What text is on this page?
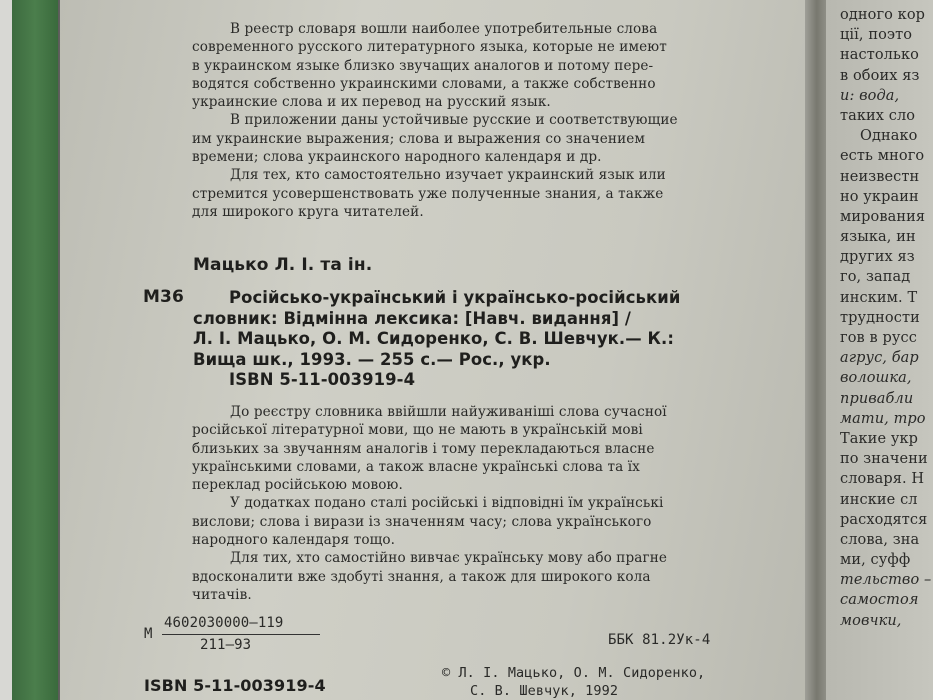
В реестр словаря вошли наиболее употребительные слова
современного русского литературного языка, которые не имеют
в украинском языке близко звучащих аналогов и потому пере-
водятся собственно украинскими словами, а также собственно
украинские слова и их перевод на русский язык.
В приложении даны устойчивые русские и соответствующие
им украинские выражения; слова и выражения со значением
времени; слова украинского народного календаря и др.
Для тех, кто самостоятельно изучает украинский язык или
стремится усовершенствовать уже полученные знания, а также
для широкого круга читателей.
Мацько Л. І. та ін.
М36	Російсько-український і українсько-російський
словник: Відмінна лексика: [Навч. видання] /
Л. І. Мацько, О. М. Сидоренко, С. В. Шевчук.— К.:
Вища шк., 1993. — 255 с.— Рос., укр.
ISBN 5-11-003919-4
До реєстру словника ввійшли найуживаніші слова сучасної
російської літературної мови, що не мають в українській мові
близьких за звучанням аналогів і тому перекладаються власне
українськими словами, а також власне українські слова та їх
переклад російською мовою.
У додатках подано сталі російські і відповідні їм українські
вислови; слова і вирази із значенням часу; слова українського
народного календаря тощо.
Для тих, хто самостійно вивчає українську мову або прагне
вдосконалити вже здобуті знання, а також для широкого кола
читачів.
М
4602030000—119
211—93	ББК 81.2Ук-4
ISBN 5-11-003919-4
© Л. І. Мацько, О. М. Сидоренко,
С. В. Шевчук, 1992
одного кор
ції, поэто
настолько
в обоих яз
и: вода,
таких сло
Однако
есть много
неизвестн
но украин
мирования
языка, ин
других яз
го, запад
инским. Т
трудности
гов в русс
агрус, бар
волошка,
привабли
мати, тро
Такие укр
по значени
словаря. Н
инские сл
расходятся
слова, зна
ми, суфф
тельство –
самостоя
мовчки,
